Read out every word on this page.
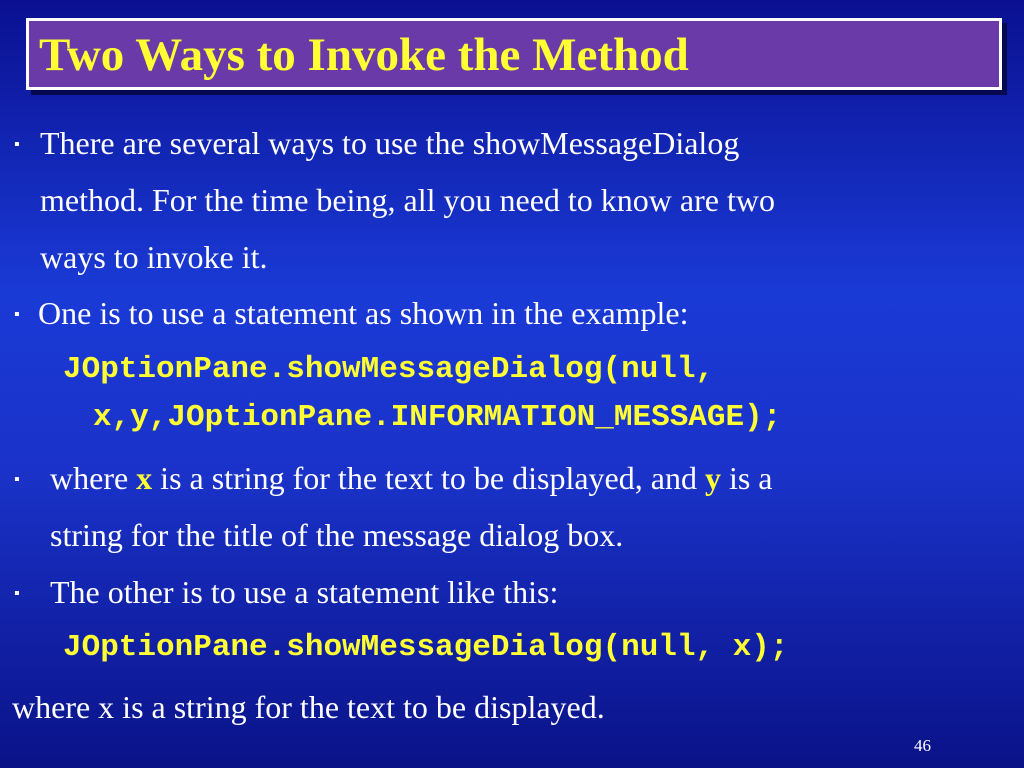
Two Ways to Invoke the Method
▪ There are several ways to use the showMessageDialog
method. For the time being, all you need to know are two
ways to invoke it.
▪ One is to use a statement as shown in the example:
JOptionPane.showMessageDialog(null,
x,y,JOptionPane.INFORMATION_MESSAGE);
▪ where x is a string for the text to be displayed, and y is a
string for the title of the message dialog box.
▪ The other is to use a statement like this:
JOptionPane.showMessageDialog(null, x);
where x is a string for the text to be displayed.
46
